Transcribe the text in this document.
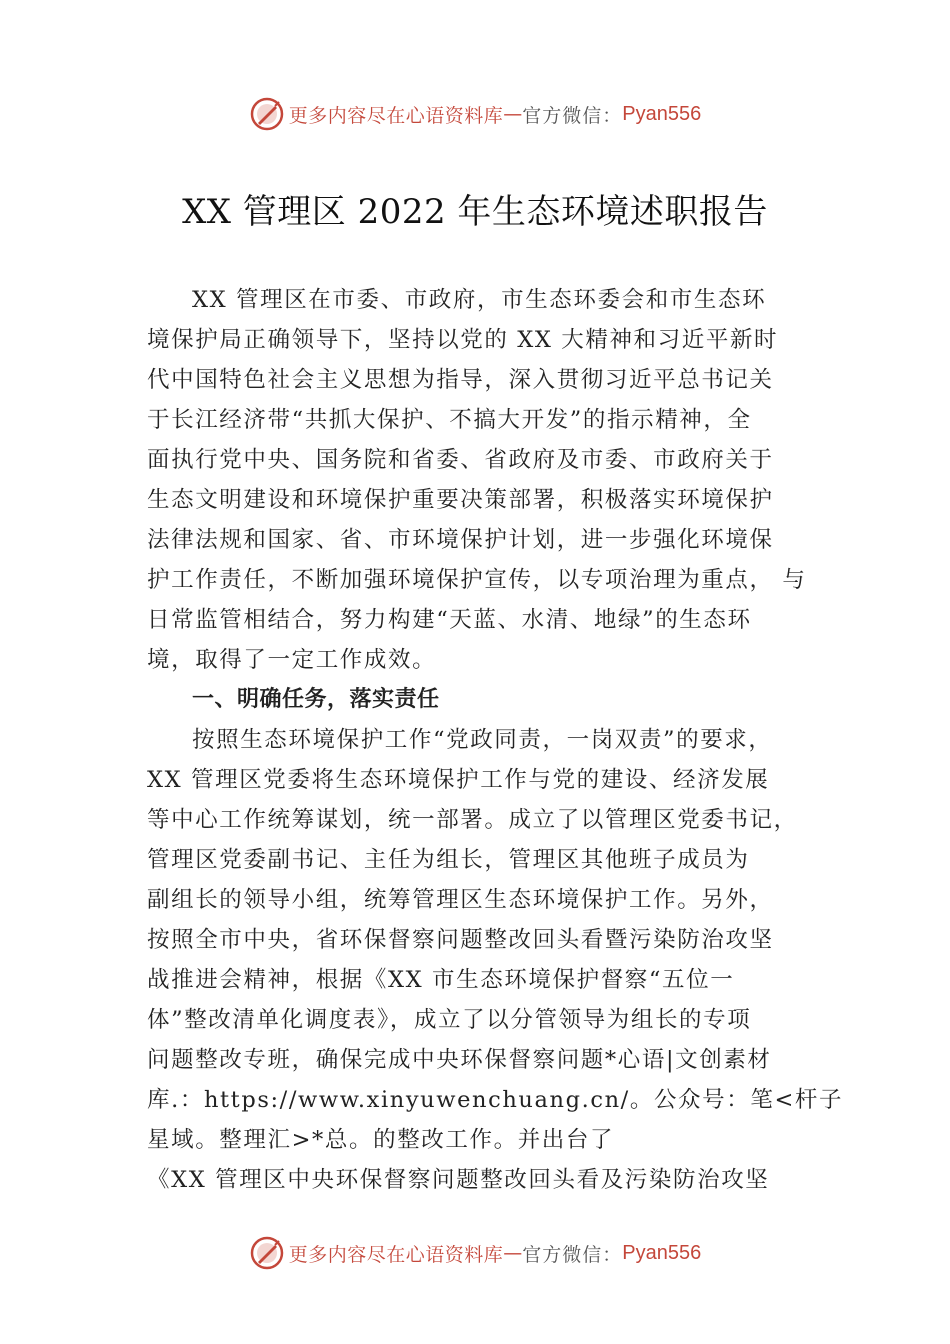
更多内容尽在心语资料库 — 官方微信： Pyan556
XX 管理区 2022 年生态环境述职报告
XX 管理区在市委、市政府，市生态环委会和市生态环
境保护局正确领导下，坚持以党的 XX 大精神和习近平新时
代中国特色社会主义思想为指导，深入贯彻习近平总书记关
于长江经济带“共抓大保护、不搞大开发”的指示精神，全
面执行党中央、国务院和省委、省政府及市委、市政府关于
生态文明建设和环境保护重要决策部署，积极落实环境保护
法律法规和国家、省、市环境保护计划，进一步强化环境保
护工作责任，不断加强环境保护宣传，以专项治理为重点， 与
日常监管相结合，努力构建“天蓝、水清、地绿”的生态环
境，取得了一定工作成效。
一、明确任务，落实责任
按照生态环境保护工作“党政同责，一岗双责”的要求，
XX 管理区党委将生态环境保护工作与党的建设、经济发展
等中心工作统筹谋划，统一部署。成立了以管理区党委书记，
管理区党委副书记、主任为组长，管理区其他班子成员为
副组长的领导小组，统筹管理区生态环境保护工作。另外，
按照全市中央，省环保督察问题整改回头看暨污染防治攻坚
战推进会精神，根据《XX 市生态环境保护督察“五位一
体”整改清单化调度表》，成立了以分管领导为组长的专项
问题整改专班，确保完成中央环保督察问题*心语|文创素材
库.：https://www.xinyuwenchuang.cn/。公众号：笔<杆子
星域。整理汇>*总。的整改工作。并出台了
《XX 管理区中央环保督察问题整改回头看及污染防治攻坚
更多内容尽在心语资料库 — 官方微信： Pyan556
